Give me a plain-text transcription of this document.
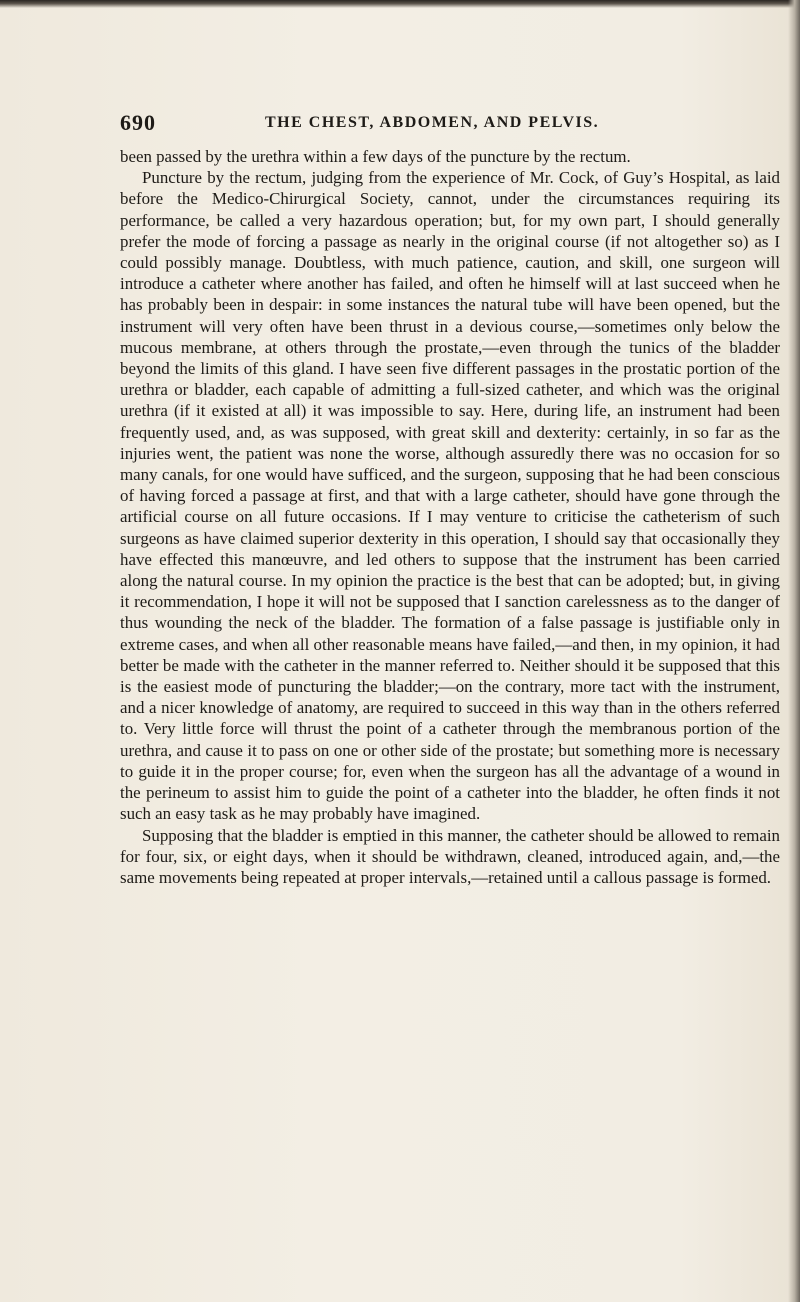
690	THE CHEST, ABDOMEN, AND PELVIS.

been passed by the urethra within a few days of the puncture by the rectum.

Puncture by the rectum, judging from the experience of Mr. Cock, of Guy’s Hospital, as laid before the Medico-Chirurgical Society, cannot, under the circumstances requiring its performance, be called a very hazardous operation; but, for my own part, I should generally prefer the mode of forcing a passage as nearly in the original course (if not altogether so) as I could possibly manage. Doubtless, with much patience, caution, and skill, one surgeon will introduce a catheter where another has failed, and often he himself will at last succeed when he has probably been in despair: in some instances the natural tube will have been opened, but the instrument will very often have been thrust in a devious course,—sometimes only below the mucous membrane, at others through the prostate,—even through the tunics of the bladder beyond the limits of this gland. I have seen five different passages in the prostatic portion of the urethra or bladder, each capable of admitting a full-sized catheter, and which was the original urethra (if it existed at all) it was impossible to say. Here, during life, an instrument had been frequently used, and, as was supposed, with great skill and dexterity: certainly, in so far as the injuries went, the patient was none the worse, although assuredly there was no occasion for so many canals, for one would have sufficed, and the surgeon, supposing that he had been conscious of having forced a passage at first, and that with a large catheter, should have gone through the artificial course on all future occasions. If I may venture to criticise the catheterism of such surgeons as have claimed superior dexterity in this operation, I should say that occasionally they have effected this manœuvre, and led others to suppose that the instrument has been carried along the natural course. In my opinion the practice is the best that can be adopted; but, in giving it recommendation, I hope it will not be supposed that I sanction carelessness as to the danger of thus wounding the neck of the bladder. The formation of a false passage is justifiable only in extreme cases, and when all other reasonable means have failed,—and then, in my opinion, it had better be made with the catheter in the manner referred to. Neither should it be supposed that this is the easiest mode of puncturing the bladder;—on the contrary, more tact with the instrument, and a nicer knowledge of anatomy, are required to succeed in this way than in the others referred to. Very little force will thrust the point of a catheter through the membranous portion of the urethra, and cause it to pass on one or other side of the prostate; but something more is necessary to guide it in the proper course; for, even when the surgeon has all the advantage of a wound in the perineum to assist him to guide the point of a catheter into the bladder, he often finds it not such an easy task as he may probably have imagined.

Supposing that the bladder is emptied in this manner, the catheter should be allowed to remain for four, six, or eight days, when it should be withdrawn, cleaned, introduced again, and,—the same movements being repeated at proper intervals,—retained until a callous passage is formed.
